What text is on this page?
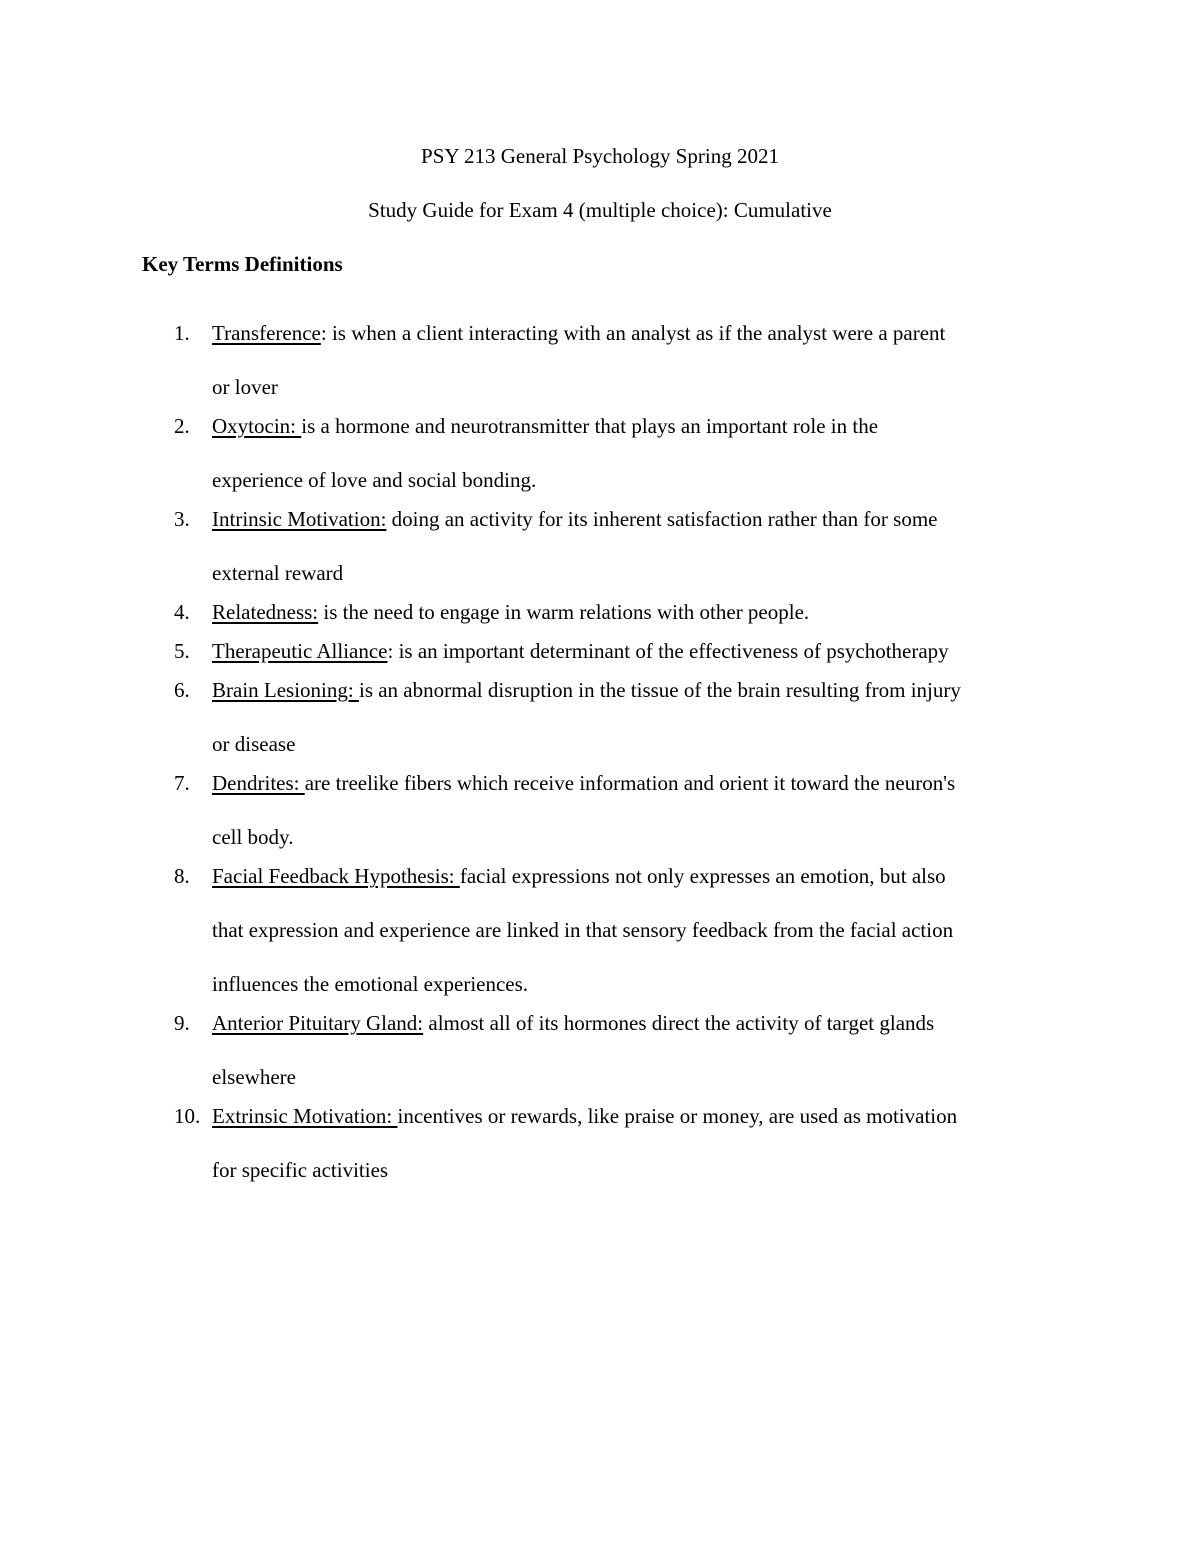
PSY 213 General Psychology Spring 2021
Study Guide for Exam 4 (multiple choice): Cumulative
Key Terms Definitions
1.	Transference: is when a client interacting with an analyst as if the analyst were a parent
or lover
2.	Oxytocin: is a hormone and neurotransmitter that plays an important role in the
experience of love and social bonding.
3.	Intrinsic Motivation: doing an activity for its inherent satisfaction rather than for some
external reward
4.	Relatedness: is the need to engage in warm relations with other people.
5.	Therapeutic Alliance: is an important determinant of the effectiveness of psychotherapy
6.	Brain Lesioning: is an abnormal disruption in the tissue of the brain resulting from injury
or disease
7.	Dendrites: are treelike fibers which receive information and orient it toward the neuron's
cell body.
8.	Facial Feedback Hypothesis: facial expressions not only expresses an emotion, but also
that expression and experience are linked in that sensory feedback from the facial action
influences the emotional experiences.
9.	Anterior Pituitary Gland: almost all of its hormones direct the activity of target glands
elsewhere
10. Extrinsic Motivation: incentives or rewards, like praise or money, are used as motivation
for specific activities
